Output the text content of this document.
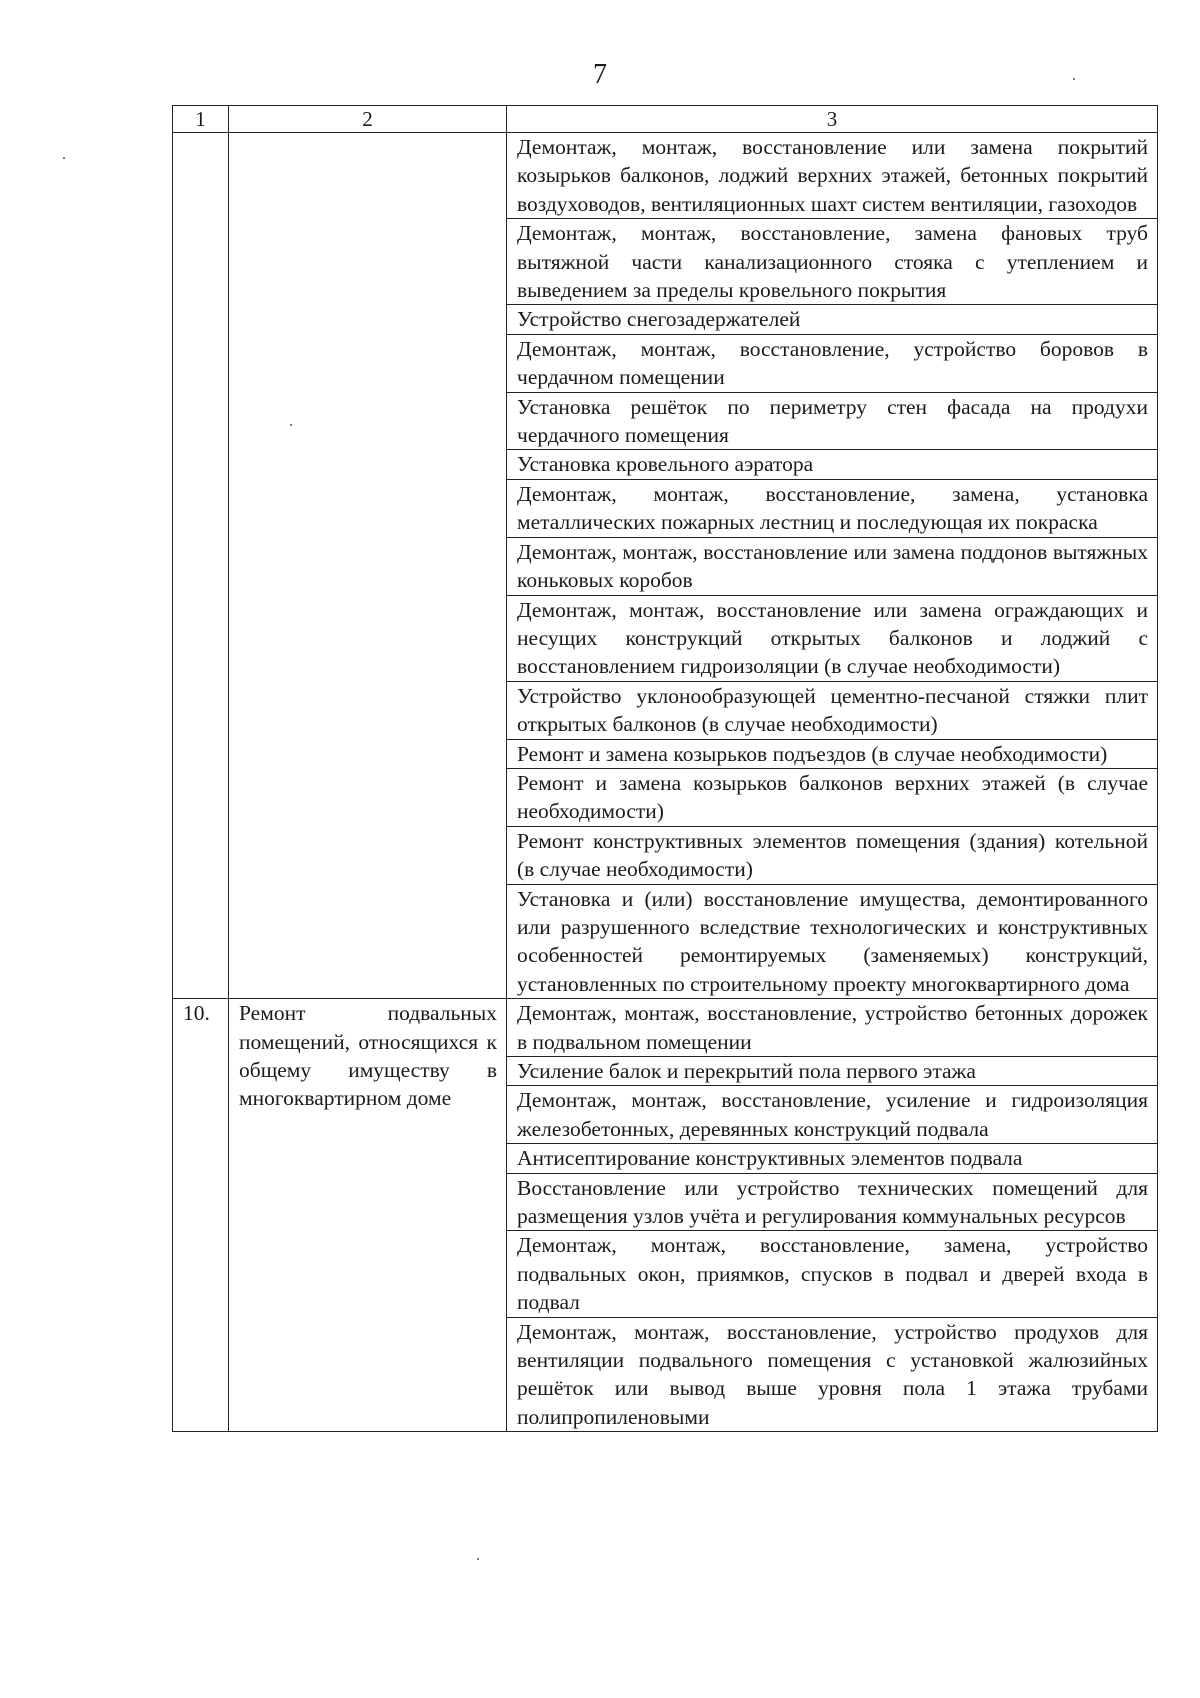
7
1	2	3
		Демонтаж, монтаж, восстановление или замена покрытий козырьков балконов, лоджий верхних этажей, бетонных покрытий воздуховодов, вентиляционных шахт систем вентиляции, газоходов
		Демонтаж, монтаж, восстановление, замена фановых труб вытяжной части канализационного стояка с утеплением и выведением за пределы кровельного покрытия
		Устройство снегозадержателей
		Демонтаж, монтаж, восстановление, устройство боровов в чердачном помещении
		Установка решёток по периметру стен фасада на продухи чердачного помещения
		Установка кровельного аэратора
		Демонтаж, монтаж, восстановление, замена, установка металлических пожарных лестниц и последующая их покраска
		Демонтаж, монтаж, восстановление или замена поддонов вытяжных коньковых коробов
		Демонтаж, монтаж, восстановление или замена ограждающих и несущих конструкций открытых балконов и лоджий с восстановлением гидроизоляции (в случае необходимости)
		Устройство уклонообразующей цементно-песчаной стяжки плит открытых балконов (в случае необходимости)
		Ремонт и замена козырьков подъездов (в случае необходимости)
		Ремонт и замена козырьков балконов верхних этажей (в случае необходимости)
		Ремонт конструктивных элементов помещения (здания) котельной (в случае необходимости)
		Установка и (или) восстановление имущества, демонтированного или разрушенного вследствие технологических и конструктивных особенностей ремонтируемых (заменяемых) конструкций, установленных по строительному проекту многоквартирного дома
10.	Ремонт подвальных помещений, относящихся к общему имуществу в многоквартирном доме	Демонтаж, монтаж, восстановление, устройство бетонных дорожек в подвальном помещении
		Усиление балок и перекрытий пола первого этажа
		Демонтаж, монтаж, восстановление, усиление и гидроизоляция железобетонных, деревянных конструкций подвала
		Антисептирование конструктивных элементов подвала
		Восстановление или устройство технических помещений для размещения узлов учёта и регулирования коммунальных ресурсов
		Демонтаж, монтаж, восстановление, замена, устройство подвальных окон, приямков, спусков в подвал и дверей входа в подвал
		Демонтаж, монтаж, восстановление, устройство продухов для вентиляции подвального помещения с установкой жалюзийных решёток или вывод выше уровня пола 1 этажа трубами полипропиленовыми
